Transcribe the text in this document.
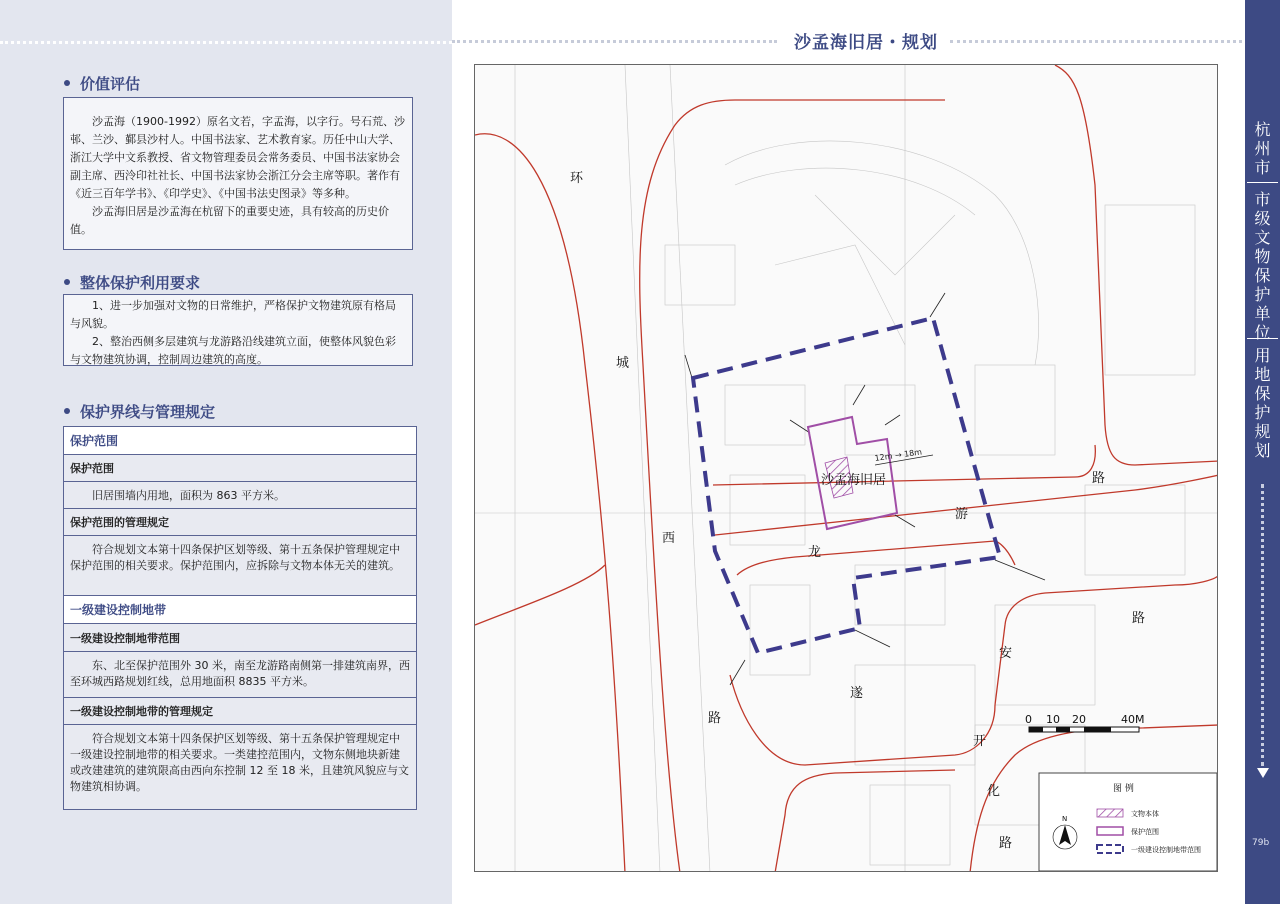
沙孟海旧居・规划
价值评估

沙孟海（1900-1992）原名文若，字孟海，以字行。号石荒、沙邨、兰沙、鄞县沙村人。中国书法家、艺术教育家。历任中山大学、浙江大学中文系教授、省文物管理委员会常务委员、中国书法家协会副主席、西泠印社社长、中国书法家协会浙江分会主席等职。著作有《近三百年学书》、《印学史》、《中国书法史图录》等多种。

沙孟海旧居是沙孟海在杭留下的重要史迹，具有较高的历史价值。

整体保护利用要求

1、进一步加强对文物的日常维护，严格保护文物建筑原有格局与风貌。

2、整治西侧多层建筑与龙游路沿线建筑立面，使整体风貌色彩与文物建筑协调，控制周边建筑的高度。

保护界线与管理规定
保护范围
保护范围

旧居围墙内用地，面积为 863 平方米。

保护范围的管理规定

符合规划文本第十四条保护区划等级、第十五条保护管理规定中保护范围的相关要求。保护范围内，应拆除与文物本体无关的建筑。

一级建设控制地带
一级建设控制地带范围

东、北至保护范围外 30 米，南至龙游路南侧第一排建筑南界，西至环城西路规划红线，总用地面积 8835 平方米。

一级建设控制地带的管理规定

符合规划文本第十四条保护区划等级、第十五条保护管理规定中一级建设控制地带的相关要求。一类建控范围内，文物东侧地块新建或改建建筑的建筑限高由西向东控制 12 至 18 米，且建筑风貌应与文物建筑相协调。

12m → 18m
沙孟海旧居
环
城
西
路
龙
游
路
安
路
遂
开
化
路
0 10 20	40M
图 例
N
文物本体
保护范围
一级建设控制地带范围
杭州市
市级文物保护单位
用地保护规划
79b
